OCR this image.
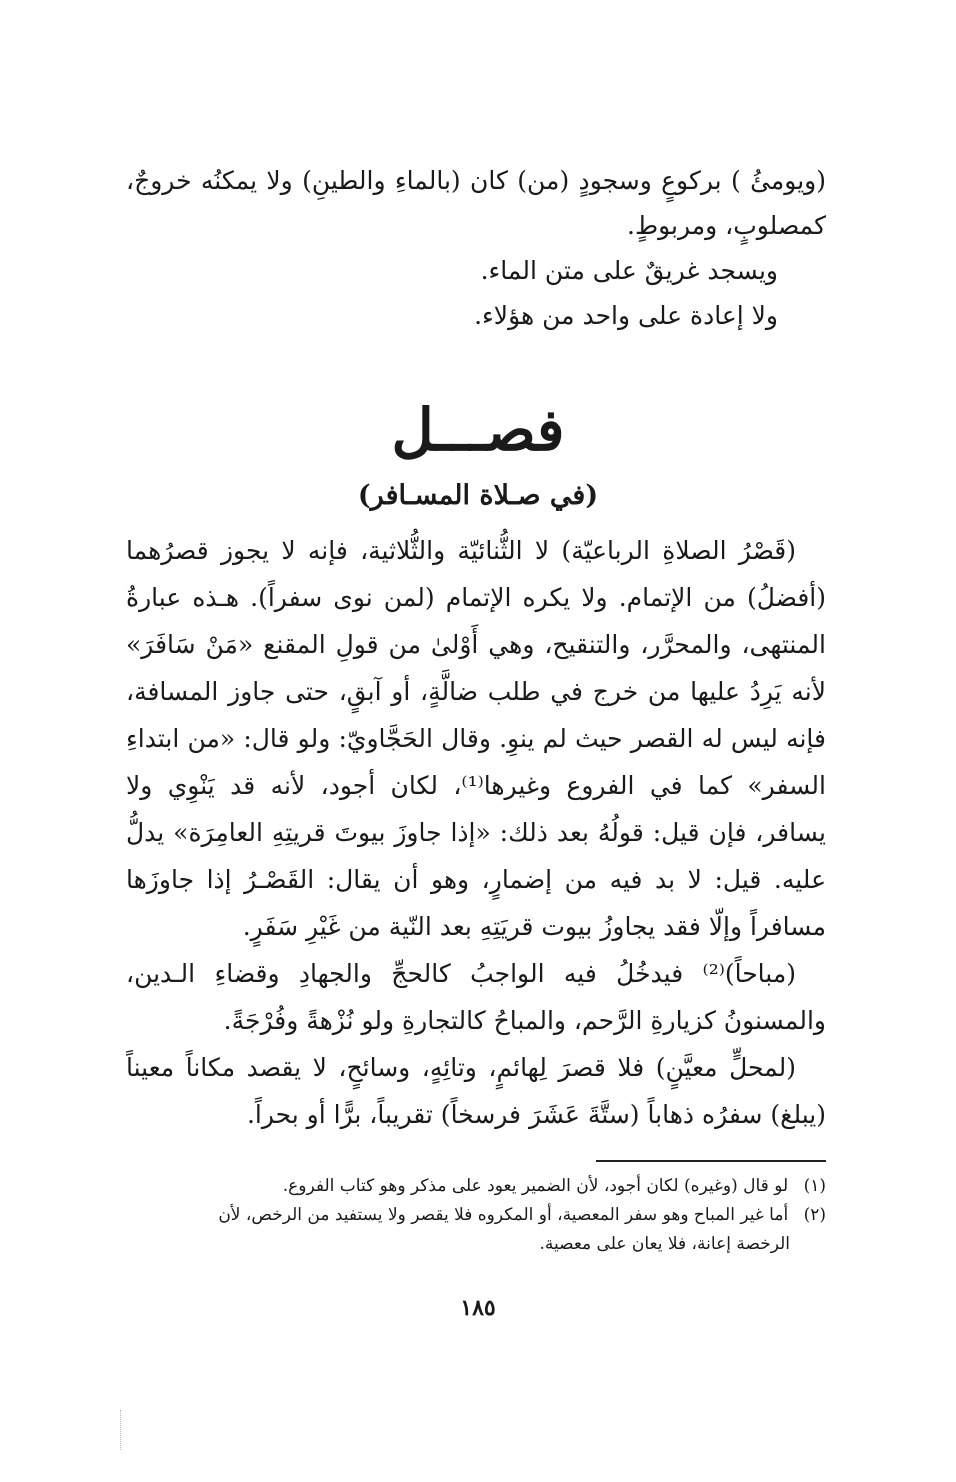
(ويومئُ ) بركوعٍ وسجودٍ (من) كان (بالماءِ والطينِ) ولا يمكنُه خروجٌ، كمصلوبٍ، ومربوطٍ.

ويسجد غريقٌ على متن الماء.

ولا إعادة على واحد من هؤلاء.

فصـــل
(في صـلاة المسـافر)

(قَصْرُ الصلاةِ الرباعيّة) لا الثُّنائيّة والثُّلاثية، فإنه لا يجوز قصرُهما (أفضلُ) من الإتمام. ولا يكره الإتمام (لمن نوى سفراً). هـذه عبارةُ المنتهى، والمحرَّر، والتنقيح، وهي أَوْلىٰ من قولِ المقنع «مَنْ سَافَرَ» لأنه يَرِدُ عليها من خرج في طلب ضالَّةٍ، أو آبقٍ، حتى جاوز المسافة، فإنه ليس له القصر حيث لم ينوِ. وقال الحَجَّاويّ: ولو قال: «من ابتداءِ السفر» كما في الفروع وغيرها⁽¹⁾، لكان أجود، لأنه قد يَنْوِي ولا يسافر، فإن قيل: قولُهُ بعد ذلك: «إذا جاوزَ بيوتَ قريتِهِ العامِرَة» يدلُّ عليه. قيل: لا بد فيه من إضمارٍ، وهو أن يقال: القَصْـرُ إذا جاوزَها مسافراً وإلّا فقد يجاوزُ بيوت قريَتِهِ بعد النّية من غَيْرِ سَفَرٍ.

(مباحاً)⁽²⁾ فيدخُلُ فيه الواجبُ كالحجِّ والجهادِ وقضاءِ الـدين، والمسنونُ كزيارةِ الرَّحم، والمباحُ كالتجارةِ ولو نُزْهةً وفُرْجَةً.

(لمحلٍّ معيَّنٍ) فلا قصرَ لِهائمٍ، وتائِهٍ، وسائحٍ، لا يقصد مكاناً معيناً (يبلغ) سفرُه ذهاباً (ستَّةَ عَشَرَ فرسخاً) تقريباً، برًّا أو بحراً.

(١) لو قال (وغيره) لكان أجود، لأن الضمير يعود على مذكر وهو كتاب الفروع.

(٢) أما غير المباح وهو سفر المعصية، أو المكروه فلا يقصر ولا يستفيد من الرخص، لأن

الرخصة إعانة، فلا يعان على معصية.

١٨٥
